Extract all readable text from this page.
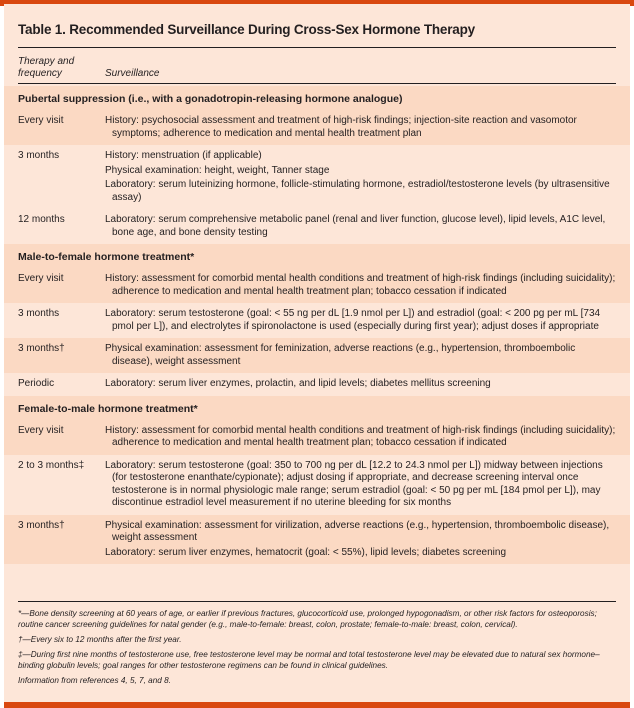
Table 1. Recommended Surveillance During Cross-Sex Hormone Therapy
Therapy and
frequency	Surveillance
Pubertal suppression (i.e., with a gonadotropin-releasing hormone analogue)
Every visit	History: psychosocial assessment and treatment of high-risk findings; injection-site reaction and vasomotor symptoms; adherence to medication and mental health treatment plan

3 months	History: menstruation (if applicable)

Physical examination: height, weight, Tanner stage

Laboratory: serum luteinizing hormone, follicle-stimulating hormone, estradiol/testosterone levels (by ultrasensitive assay)

12 months	Laboratory: serum comprehensive metabolic panel (renal and liver function, glucose level), lipid levels, A1C level, bone age, and bone density testing

Male-to-female hormone treatment*
Every visit	History: assessment for comorbid mental health conditions and treatment of high-risk findings (including suicidality); adherence to medication and mental health treatment plan; tobacco cessation if indicated

3 months	Laboratory: serum testosterone (goal: < 55 ng per dL [1.9 nmol per L]) and estradiol (goal: < 200 pg per mL [734 pmol per L]), and electrolytes if spironolactone is used (especially during first year); adjust doses if appropriate

3 months†	Physical examination: assessment for feminization, adverse reactions (e.g., hypertension, thromboembolic disease), weight assessment

Periodic	Laboratory: serum liver enzymes, prolactin, and lipid levels; diabetes mellitus screening

Female-to-male hormone treatment*
Every visit	History: assessment for comorbid mental health conditions and treatment of high-risk findings (including suicidality); adherence to medication and mental health treatment plan; tobacco cessation if indicated

2 to 3 months‡	Laboratory: serum testosterone (goal: 350 to 700 ng per dL [12.2 to 24.3 nmol per L]) midway between injections (for testosterone enanthate/cypionate); adjust dosing if appropriate, and decrease screening interval once testosterone is in normal physiologic male range; serum estradiol (goal: < 50 pg per mL [184 pmol per L]), may discontinue estradiol level measurement if no uterine bleeding for six months

3 months†	Physical examination: assessment for virilization, adverse reactions (e.g., hypertension, thromboembolic disease), weight assessment

Laboratory: serum liver enzymes, hematocrit (goal: < 55%), lipid levels; diabetes screening

*—Bone density screening at 60 years of age, or earlier if previous fractures, glucocorticoid use, prolonged hypogonadism, or other risk factors for osteoporosis; routine cancer screening guidelines for natal gender (e.g., male-to-female: breast, colon, prostate; female-to-male: breast, colon, cervical).

†—Every six to 12 months after the first year.

‡—During first nine months of testosterone use, free testosterone level may be normal and total testosterone level may be elevated due to natural sex hormone–binding globulin levels; goal ranges for other testosterone regimens can be found in clinical guidelines.

Information from references 4, 5, 7, and 8.
